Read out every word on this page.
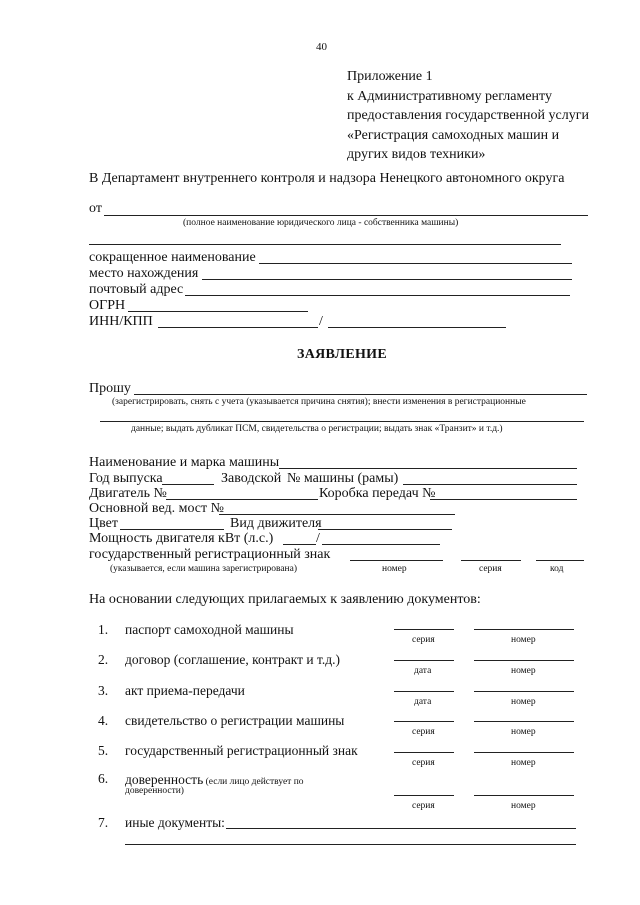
40
Приложение 1
к Административному регламенту
предоставления государственной услуги
«Регистрация самоходных машин и
других видов техники»
В Департамент внутреннего контроля и надзора Ненецкого автономного округа
от
(полное наименование юридического лица - собственника машины)
сокращенное наименование
место нахождения
почтовый адрес
ОГРН
ИНН/КПП	/
ЗАЯВЛЕНИЕ
Прошу
(зарегистрировать, снять с учета (указывается причина снятия); внести изменения в регистрационные
данные; выдать дубликат ПСМ, свидетельства о регистрации; выдать знак «Транзит» и т.д.)
Наименование и марка машины
Год выпуска	Заводской № машины (рамы)
Двигатель №	Коробка передач №
Основной вед. мост №
Цвет	Вид движителя
Мощность двигателя кВт (л.с.)	/
государственный регистрационный знак
(указывается, если машина зарегистрирована)	номер	серия	код
На основании следующих прилагаемых к заявлению документов:
1. паспорт самоходной машины
серия	номер
2. договор (соглашение, контракт и т.д.)
дата	номер
3. акт приема-передачи
дата	номер
4. свидетельство о регистрации машины
серия	номер
5. государственный регистрационный знак
серия	номер
6. доверенность (если лицо действует по
доверенности)
серия	номер
7. иные документы:
